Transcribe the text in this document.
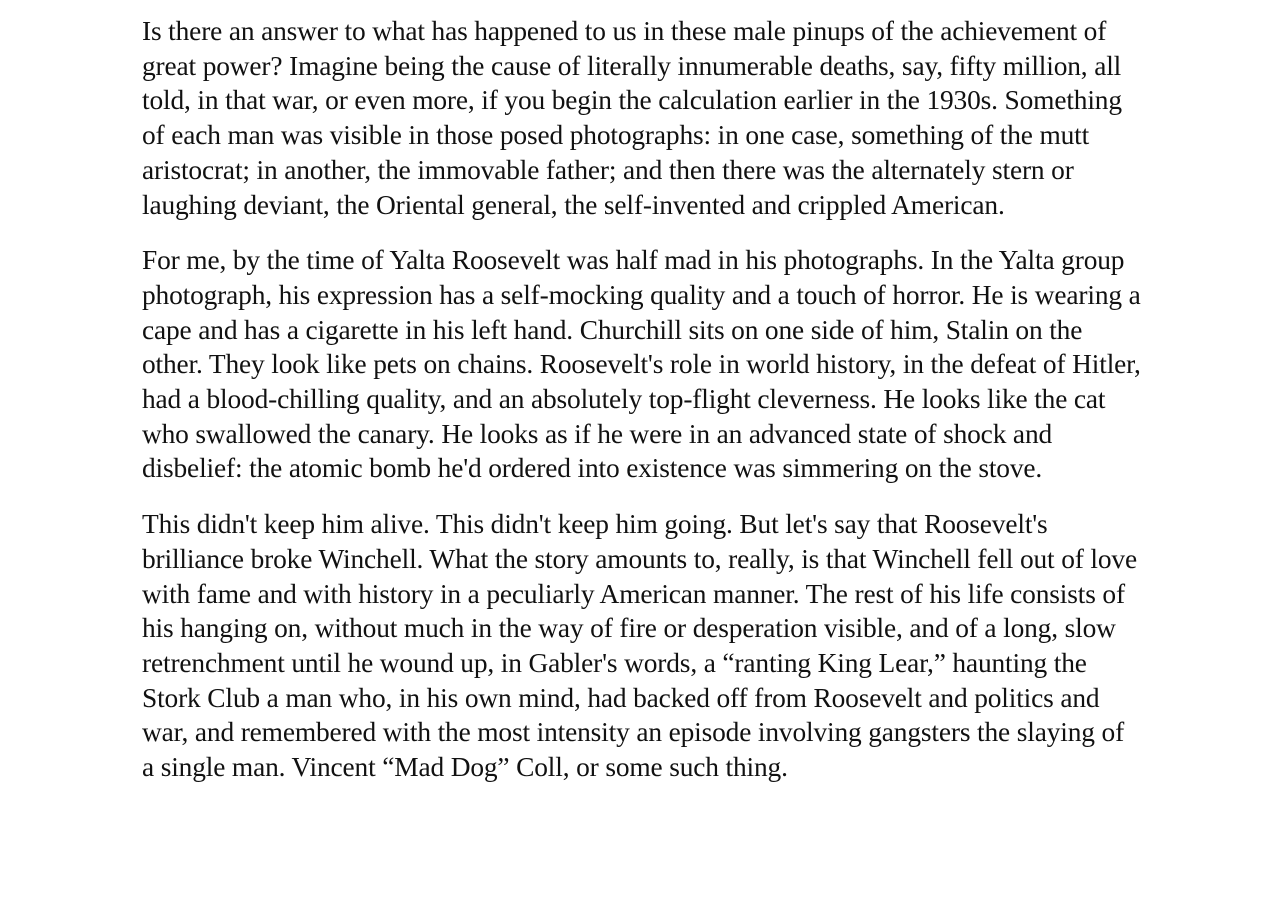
Is there an answer to what has happened to us in these male pinups of the achievement of great power? Imagine being the cause of literally innumerable deaths, say, fifty million, all told, in that war, or even more, if you begin the calculation earlier in the 1930s. Something of each man was visible in those posed photographs: in one case, something of the mutt aristocrat; in another, the immovable father; and then there was the alternately stern or laughing deviant, the Oriental general, the self-invented and crippled American.

For me, by the time of Yalta Roosevelt was half mad in his photographs. In the Yalta group photograph, his expression has a self-mocking quality and a touch of horror. He is wearing a cape and has a cigarette in his left hand. Churchill sits on one side of him, Stalin on the other. They look like pets on chains. Roosevelt's role in world history, in the defeat of Hitler, had a blood-chilling quality, and an absolutely top-flight cleverness. He looks like the cat who swallowed the canary. He looks as if he were in an advanced state of shock and disbelief: the atomic bomb he'd ordered into existence was simmering on the stove.

This didn't keep him alive. This didn't keep him going. But let's say that Roosevelt's brilliance broke Winchell. What the story amounts to, really, is that Winchell fell out of love with fame and with history in a peculiarly American manner. The rest of his life consists of his hanging on, without much in the way of fire or desperation visible, and of a long, slow retrenchment until he wound up, in Gabler's words, a “ranting King Lear,” haunting the Stork Club a man who, in his own mind, had backed off from Roosevelt and politics and war, and remembered with the most intensity an episode involving gangsters the slaying of a single man. Vincent “Mad Dog” Coll, or some such thing.
